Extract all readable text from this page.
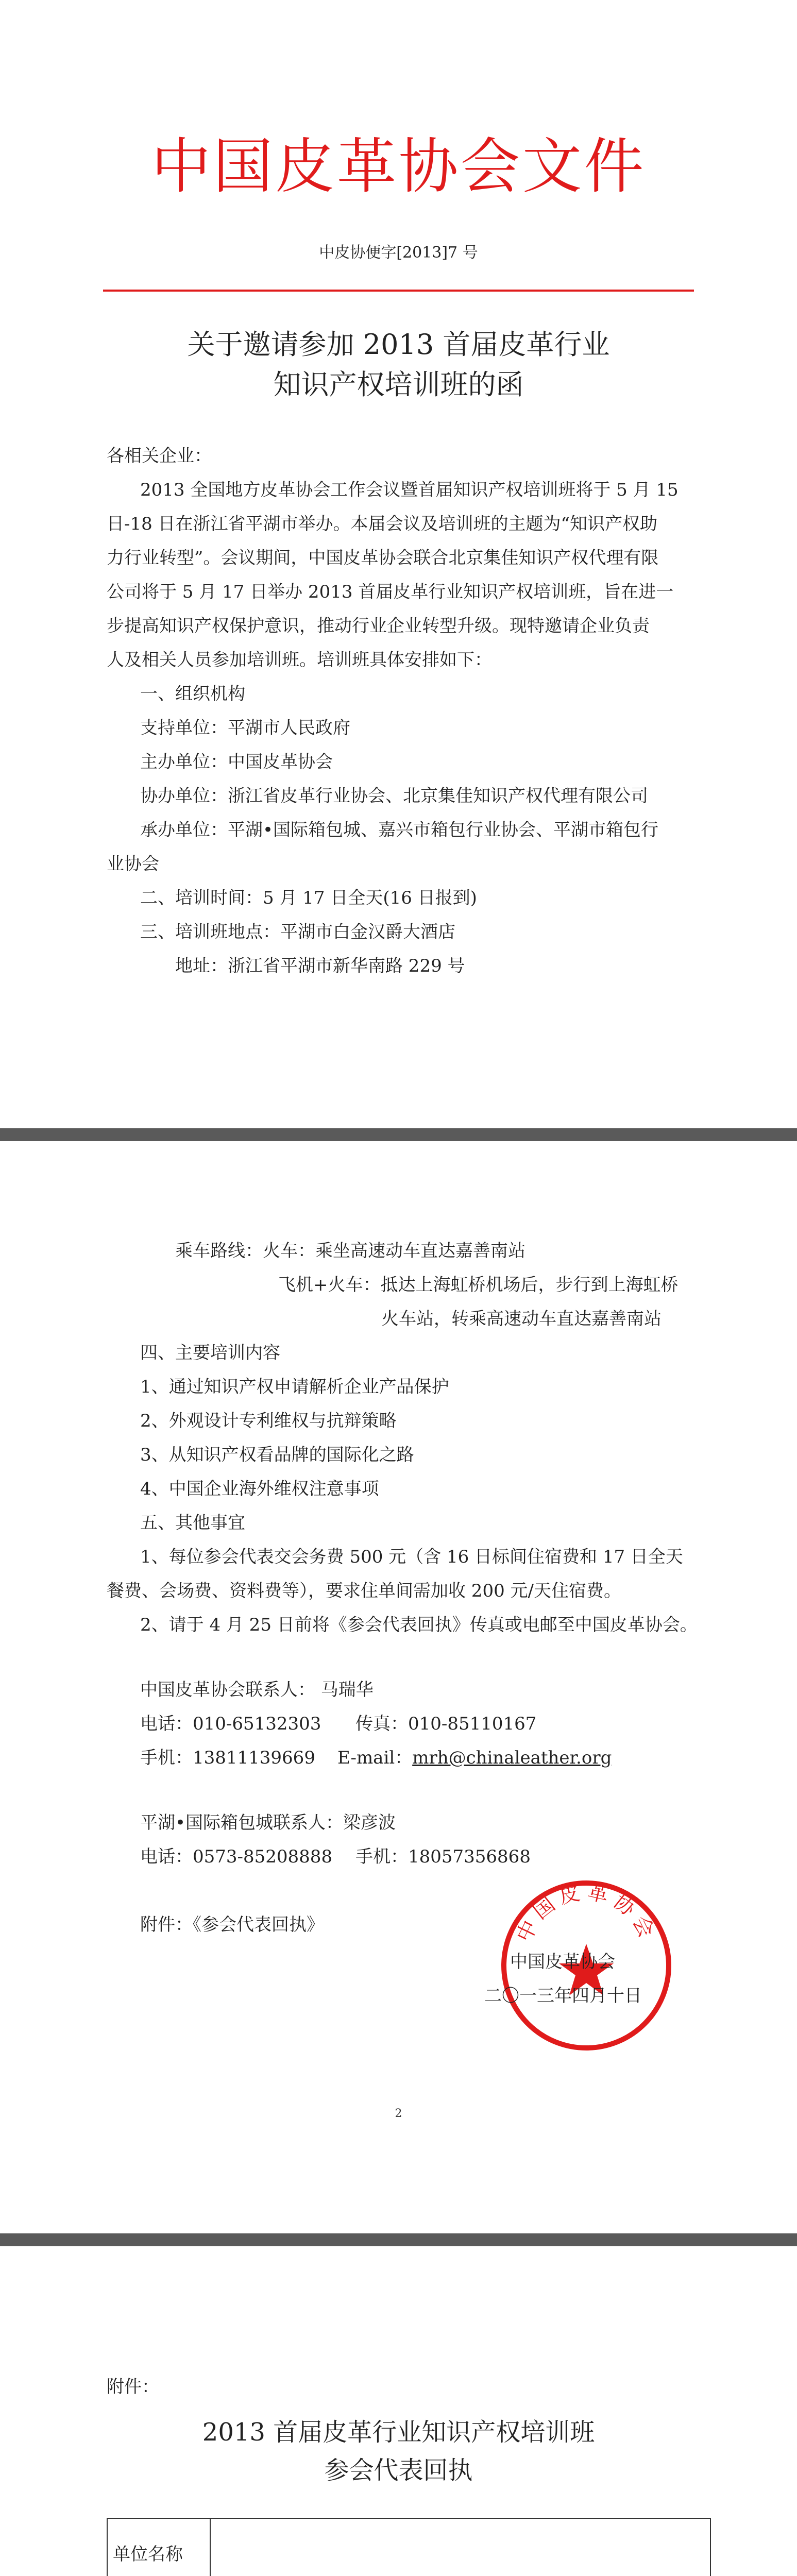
中国皮革协会文件
中皮协便字[2013]7 号
关于邀请参加 2013 首届皮革行业
知识产权培训班的函
各相关企业：
2013 全国地方皮革协会工作会议暨首届知识产权培训班将于 5 月 15
日-18 日在浙江省平湖市举办。本届会议及培训班的主题为“知识产权助
力行业转型”。会议期间，中国皮革协会联合北京集佳知识产权代理有限
公司将于 5 月 17 日举办 2013 首届皮革行业知识产权培训班，旨在进一
步提高知识产权保护意识，推动行业企业转型升级。现特邀请企业负责
人及相关人员参加培训班。培训班具体安排如下：
一、组织机构
支持单位：平湖市人民政府
主办单位：中国皮革协会
协办单位：浙江省皮革行业协会、北京集佳知识产权代理有限公司
承办单位：平湖•国际箱包城、嘉兴市箱包行业协会、平湖市箱包行
业协会
二、培训时间：5 月 17 日全天(16 日报到)
三、培训班地点：平湖市白金汉爵大酒店
地址：浙江省平湖市新华南路 229 号
乘车路线：火车：乘坐高速动车直达嘉善南站
飞机+火车：抵达上海虹桥机场后，步行到上海虹桥
火车站，转乘高速动车直达嘉善南站
四、主要培训内容
1、通过知识产权申请解析企业产品保护
2、外观设计专利维权与抗辩策略
3、从知识产权看品牌的国际化之路
4、中国企业海外维权注意事项
五、其他事宜
1、每位参会代表交会务费 500 元（含 16 日标间住宿费和 17 日全天
餐费、会场费、资料费等），要求住单间需加收 200 元/天住宿费。
2、请于 4 月 25 日前将《参会代表回执》传真或电邮至中国皮革协会。
中国皮革协会联系人： 马瑞华
电话：010-65132303 传真：010-85110167
手机：13811139669 E-mail：mrh@chinaleather.org
平湖•国际箱包城联系人：梁彦波
电话：0573-85208888 手机：18057356868
附件：《参会代表回执》	中国皮革协会
中国皮革协会
二〇一三年四月十日
2
附件：
2013 首届皮革行业知识产权培训班
参会代表回执
单位名称					
